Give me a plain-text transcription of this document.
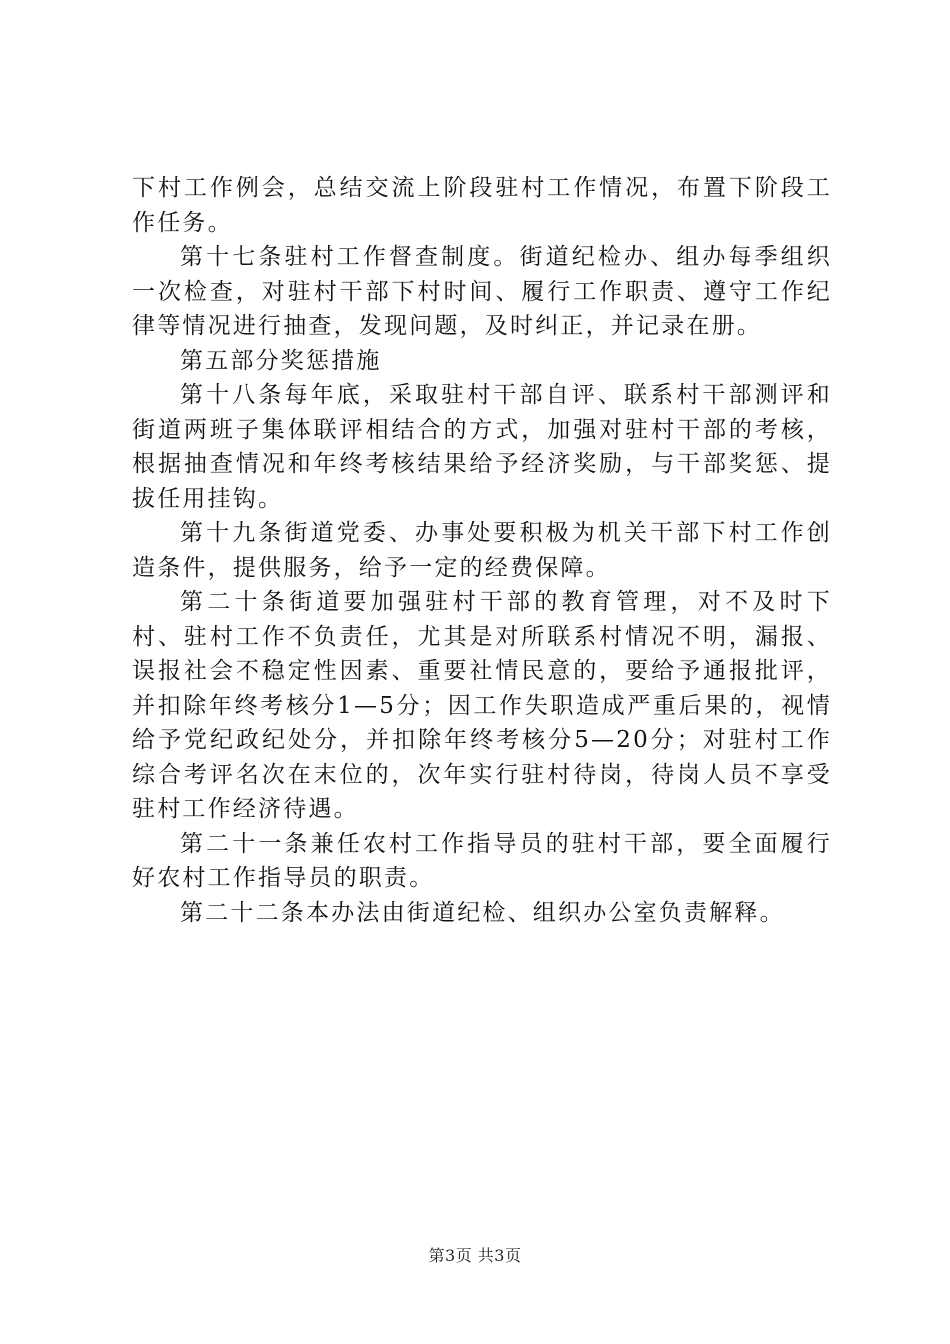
下村工作例会，总结交流上阶段驻村工作情况，布置下阶段工作任务。

第十七条驻村工作督查制度。街道纪检办、组办每季组织一次检查，对驻村干部下村时间、履行工作职责、遵守工作纪律等情况进行抽查，发现问题，及时纠正，并记录在册。

第五部分奖惩措施

第十八条每年底，采取驻村干部自评、联系村干部测评和街道两班子集体联评相结合的方式，加强对驻村干部的考核，根据抽查情况和年终考核结果给予经济奖励，与干部奖惩、提拔任用挂钩。

第十九条街道党委、办事处要积极为机关干部下村工作创造条件，提供服务，给予一定的经费保障。

第二十条街道要加强驻村干部的教育管理，对不及时下村、驻村工作不负责任，尤其是对所联系村情况不明，漏报、误报社会不稳定性因素、重要社情民意的，要给予通报批评，并扣除年终考核分1—5分；因工作失职造成严重后果的，视情给予党纪政纪处分，并扣除年终考核分5—20分；对驻村工作综合考评名次在末位的，次年实行驻村待岗，待岗人员不享受驻村工作经济待遇。

第二十一条兼任农村工作指导员的驻村干部，要全面履行好农村工作指导员的职责。

第二十二条本办法由街道纪检、组织办公室负责解释。

第3页 共3页
